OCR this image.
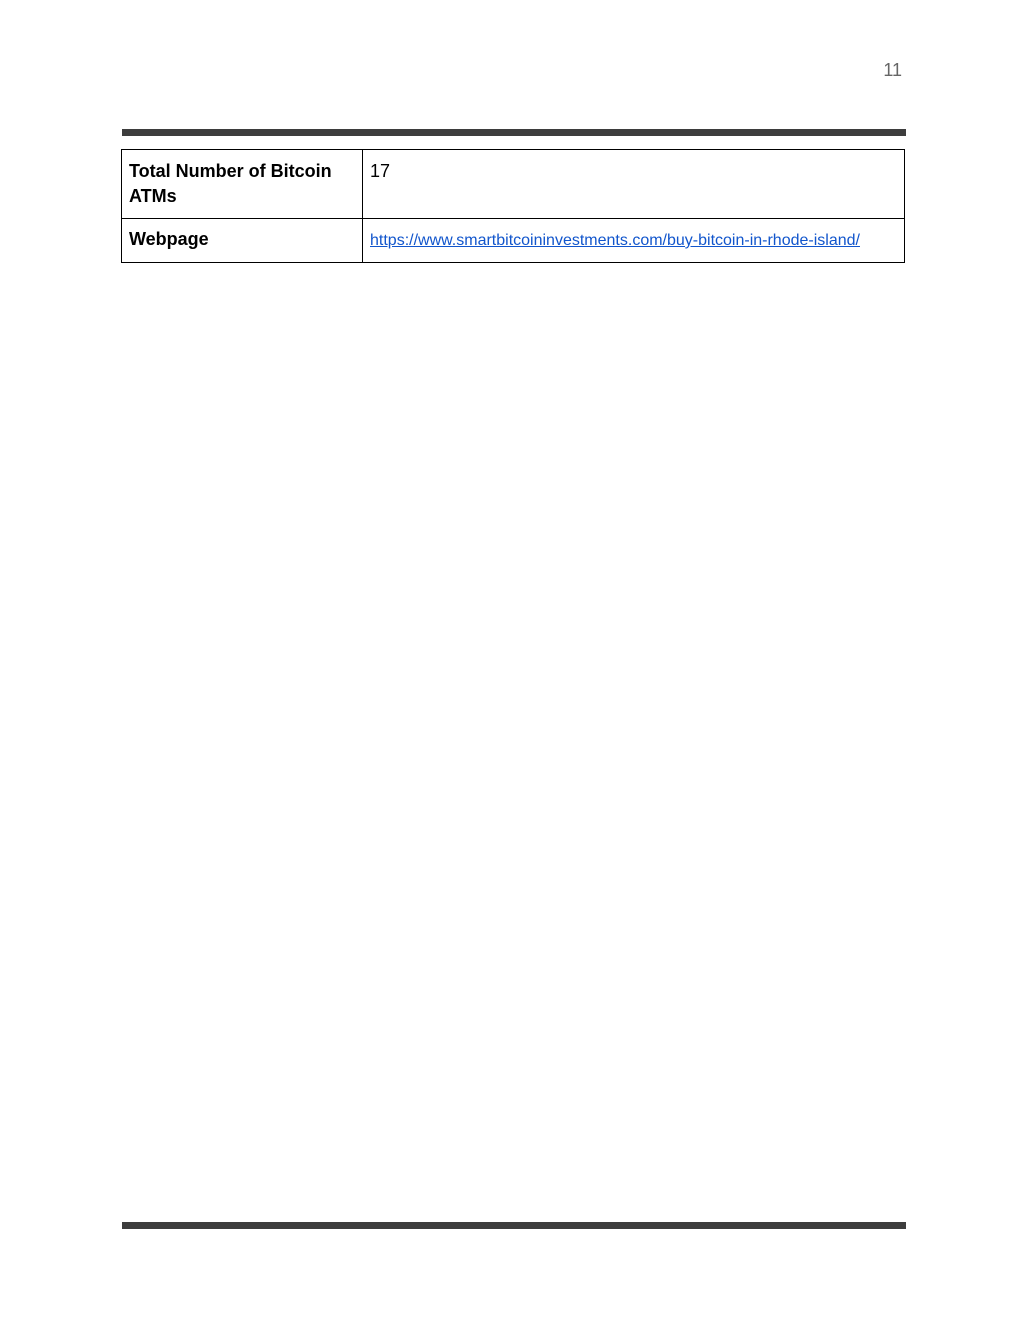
11
Total Number of Bitcoin ATMs	17
Webpage	https://www.smartbitcoininvestments.com/buy-bitcoin-in-rhode-island/
